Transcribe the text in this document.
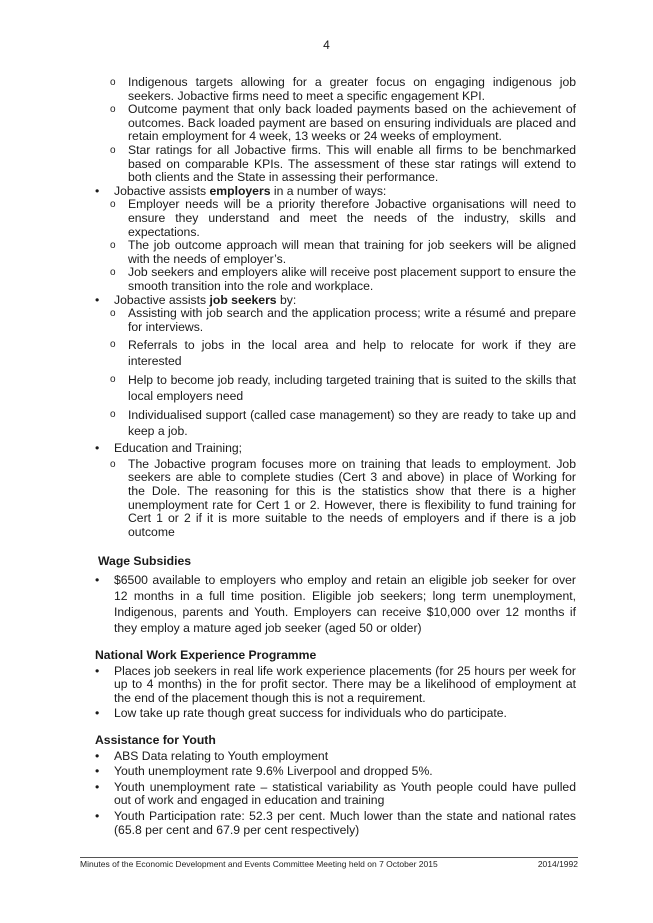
4
o Indigenous targets allowing for a greater focus on engaging indigenous job seekers. Jobactive firms need to meet a specific engagement KPI.
o Outcome payment that only back loaded payments based on the achievement of outcomes. Back loaded payment are based on ensuring individuals are placed and retain employment for 4 week, 13 weeks or 24 weeks of employment.
o Star ratings for all Jobactive firms. This will enable all firms to be benchmarked based on comparable KPIs. The assessment of these star ratings will extend to both clients and the State in assessing their performance.
• Jobactive assists employers in a number of ways:
o Employer needs will be a priority therefore Jobactive organisations will need to ensure they understand and meet the needs of the industry, skills and expectations.
o The job outcome approach will mean that training for job seekers will be aligned with the needs of employer’s.
o Job seekers and employers alike will receive post placement support to ensure the smooth transition into the role and workplace.
• Jobactive assists job seekers by:
o Assisting with job search and the application process; write a résumé and prepare for interviews.
o Referrals to jobs in the local area and help to relocate for work if they are interested
o Help to become job ready, including targeted training that is suited to the skills that local employers need
o Individualised support (called case management) so they are ready to take up and keep a job.
• Education and Training;
o The Jobactive program focuses more on training that leads to employment. Job seekers are able to complete studies (Cert 3 and above) in place of Working for the Dole. The reasoning for this is the statistics show that there is a higher unemployment rate for Cert 1 or 2. However, there is flexibility to fund training for Cert 1 or 2 if it is more suitable to the needs of employers and if there is a job outcome
Wage Subsidies
• $6500 available to employers who employ and retain an eligible job seeker for over 12 months in a full time position. Eligible job seekers; long term unemployment, Indigenous, parents and Youth. Employers can receive $10,000 over 12 months if they employ a mature aged job seeker (aged 50 or older)
National Work Experience Programme
• Places job seekers in real life work experience placements (for 25 hours per week for up to 4 months) in the for profit sector. There may be a likelihood of employment at the end of the placement though this is not a requirement.
• Low take up rate though great success for individuals who do participate.
Assistance for Youth
• ABS Data relating to Youth employment
• Youth unemployment rate 9.6% Liverpool and dropped 5%.
• Youth unemployment rate – statistical variability as Youth people could have pulled out of work and engaged in education and training
• Youth Participation rate: 52.3 per cent. Much lower than the state and national rates (65.8 per cent and 67.9 per cent respectively)
Minutes of the Economic Development and Events Committee Meeting held on 7 October 2015	2014/1992
